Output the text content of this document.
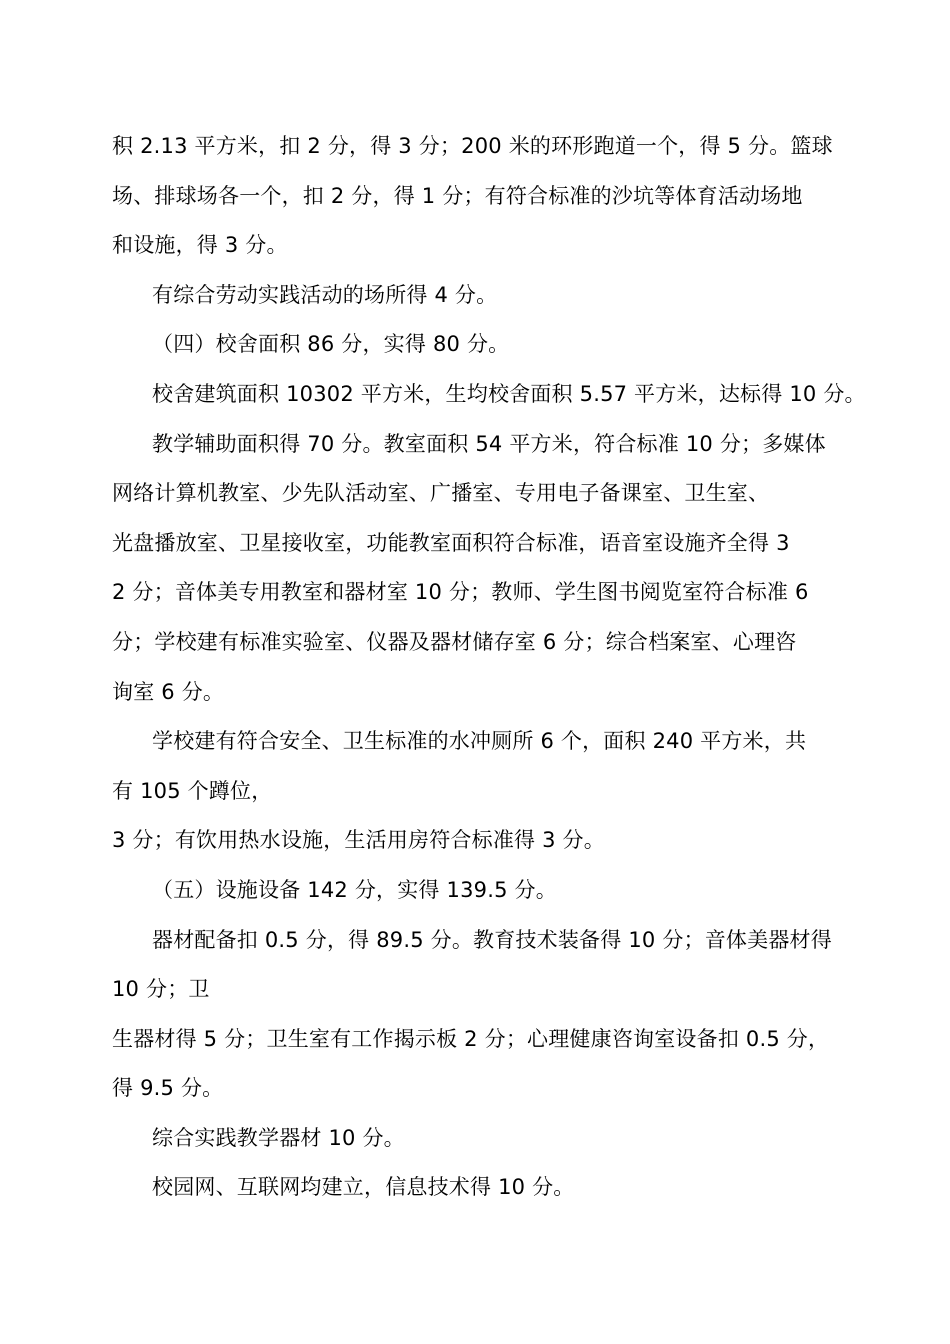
积 2.13 平方米，扣 2 分，得 3 分；200 米的环形跑道一个，得 5 分。篮球
场、排球场各一个，扣 2 分，得 1 分；有符合标准的沙坑等体育活动场地
和设施，得 3 分。
有综合劳动实践活动的场所得 4 分。
（四）校舍面积 86 分，实得 80 分。
校舍建筑面积 10302 平方米，生均校舍面积 5.57 平方米，达标得 10 分。
教学辅助面积得 70 分。教室面积 54 平方米，符合标准 10 分；多媒体
网络计算机教室、少先队活动室、广播室、专用电子备课室、卫生室、
光盘播放室、卫星接收室，功能教室面积符合标准，语音室设施齐全得 3
2 分；音体美专用教室和器材室 10 分；教师、学生图书阅览室符合标准 6
分；学校建有标准实验室、仪器及器材储存室 6 分；综合档案室、心理咨
询室 6 分。
学校建有符合安全、卫生标准的水冲厕所 6 个，面积 240 平方米，共
有 105 个蹲位，
3 分；有饮用热水设施，生活用房符合标准得 3 分。
（五）设施设备 142 分，实得 139.5 分。
器材配备扣 0.5 分，得 89.5 分。教育技术装备得 10 分；音体美器材得
10 分；卫
生器材得 5 分；卫生室有工作揭示板 2 分；心理健康咨询室设备扣 0.5 分，
得 9.5 分。
综合实践教学器材 10 分。
校园网、互联网均建立，信息技术得 10 分。
